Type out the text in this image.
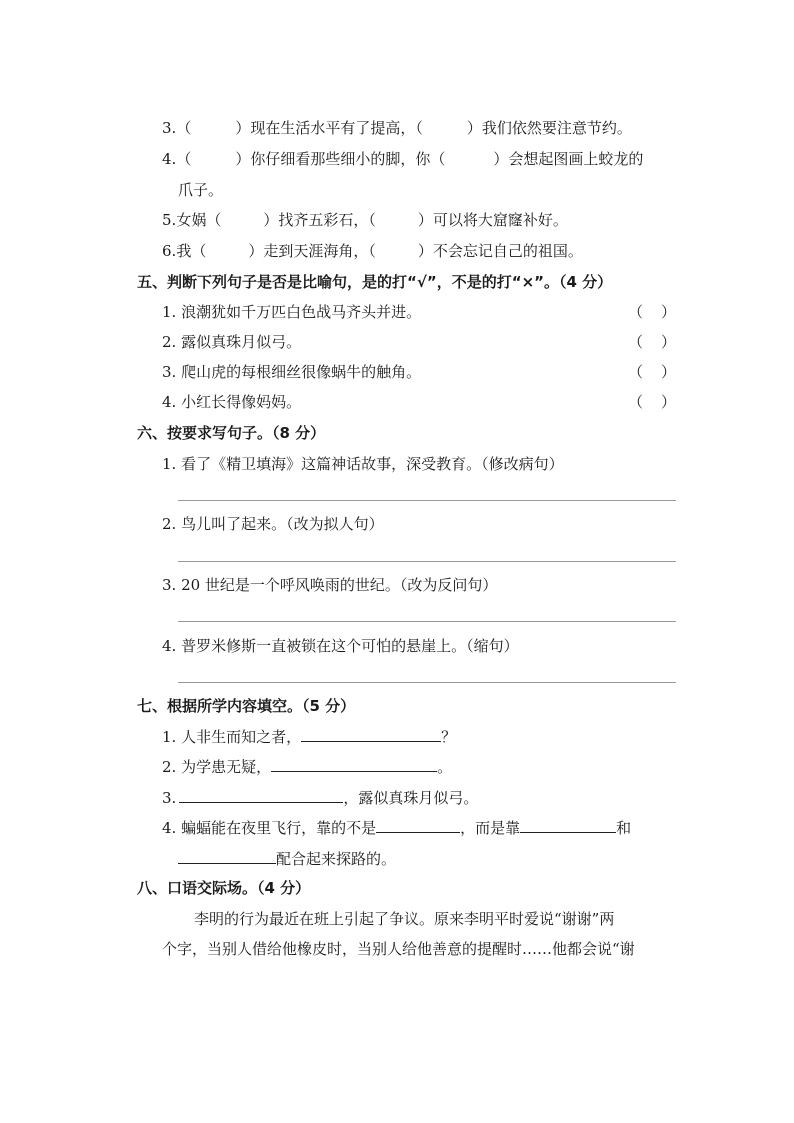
3.（	）现在生活水平有了提高，（	）我们依然要注意节约。
4.（	）你仔细看那些细小的脚，你（	）会想起图画上蛟龙的
爪子。
5.女娲（	）找齐五彩石，（	）可以将大窟窿补好。
6.我（	）走到天涯海角，（	）不会忘记自己的祖国。
五、判断下列句子是否是比喻句，是的打“√”，不是的打“×”。（4 分）
1. 浪潮犹如千万匹白色战马齐头并进。	（ ）
2. 露似真珠月似弓。	（ ）
3. 爬山虎的每根细丝很像蜗牛的触角。	（ ）
4. 小红长得像妈妈。	（ ）
六、按要求写句子。（8 分）
1. 看了《精卫填海》这篇神话故事，深受教育。（修改病句）
2. 鸟儿叫了起来。（改为拟人句）
3. 20 世纪是一个呼风唤雨的世纪。（改为反问句）
4. 普罗米修斯一直被锁在这个可怕的悬崖上。（缩句）
七、根据所学内容填空。（5 分）
1. 人非生而知之者，	？
2. 为学患无疑，	。
3.	，露似真珠月似弓。
4. 蝙蝠能在夜里飞行，靠的不是	，而是靠	和
配合起来探路的。
八、口语交际场。（4 分）
李明的行为最近在班上引起了争议。原来李明平时爱说“谢谢”两
个字，当别人借给他橡皮时，当别人给他善意的提醒时……他都会说“谢
